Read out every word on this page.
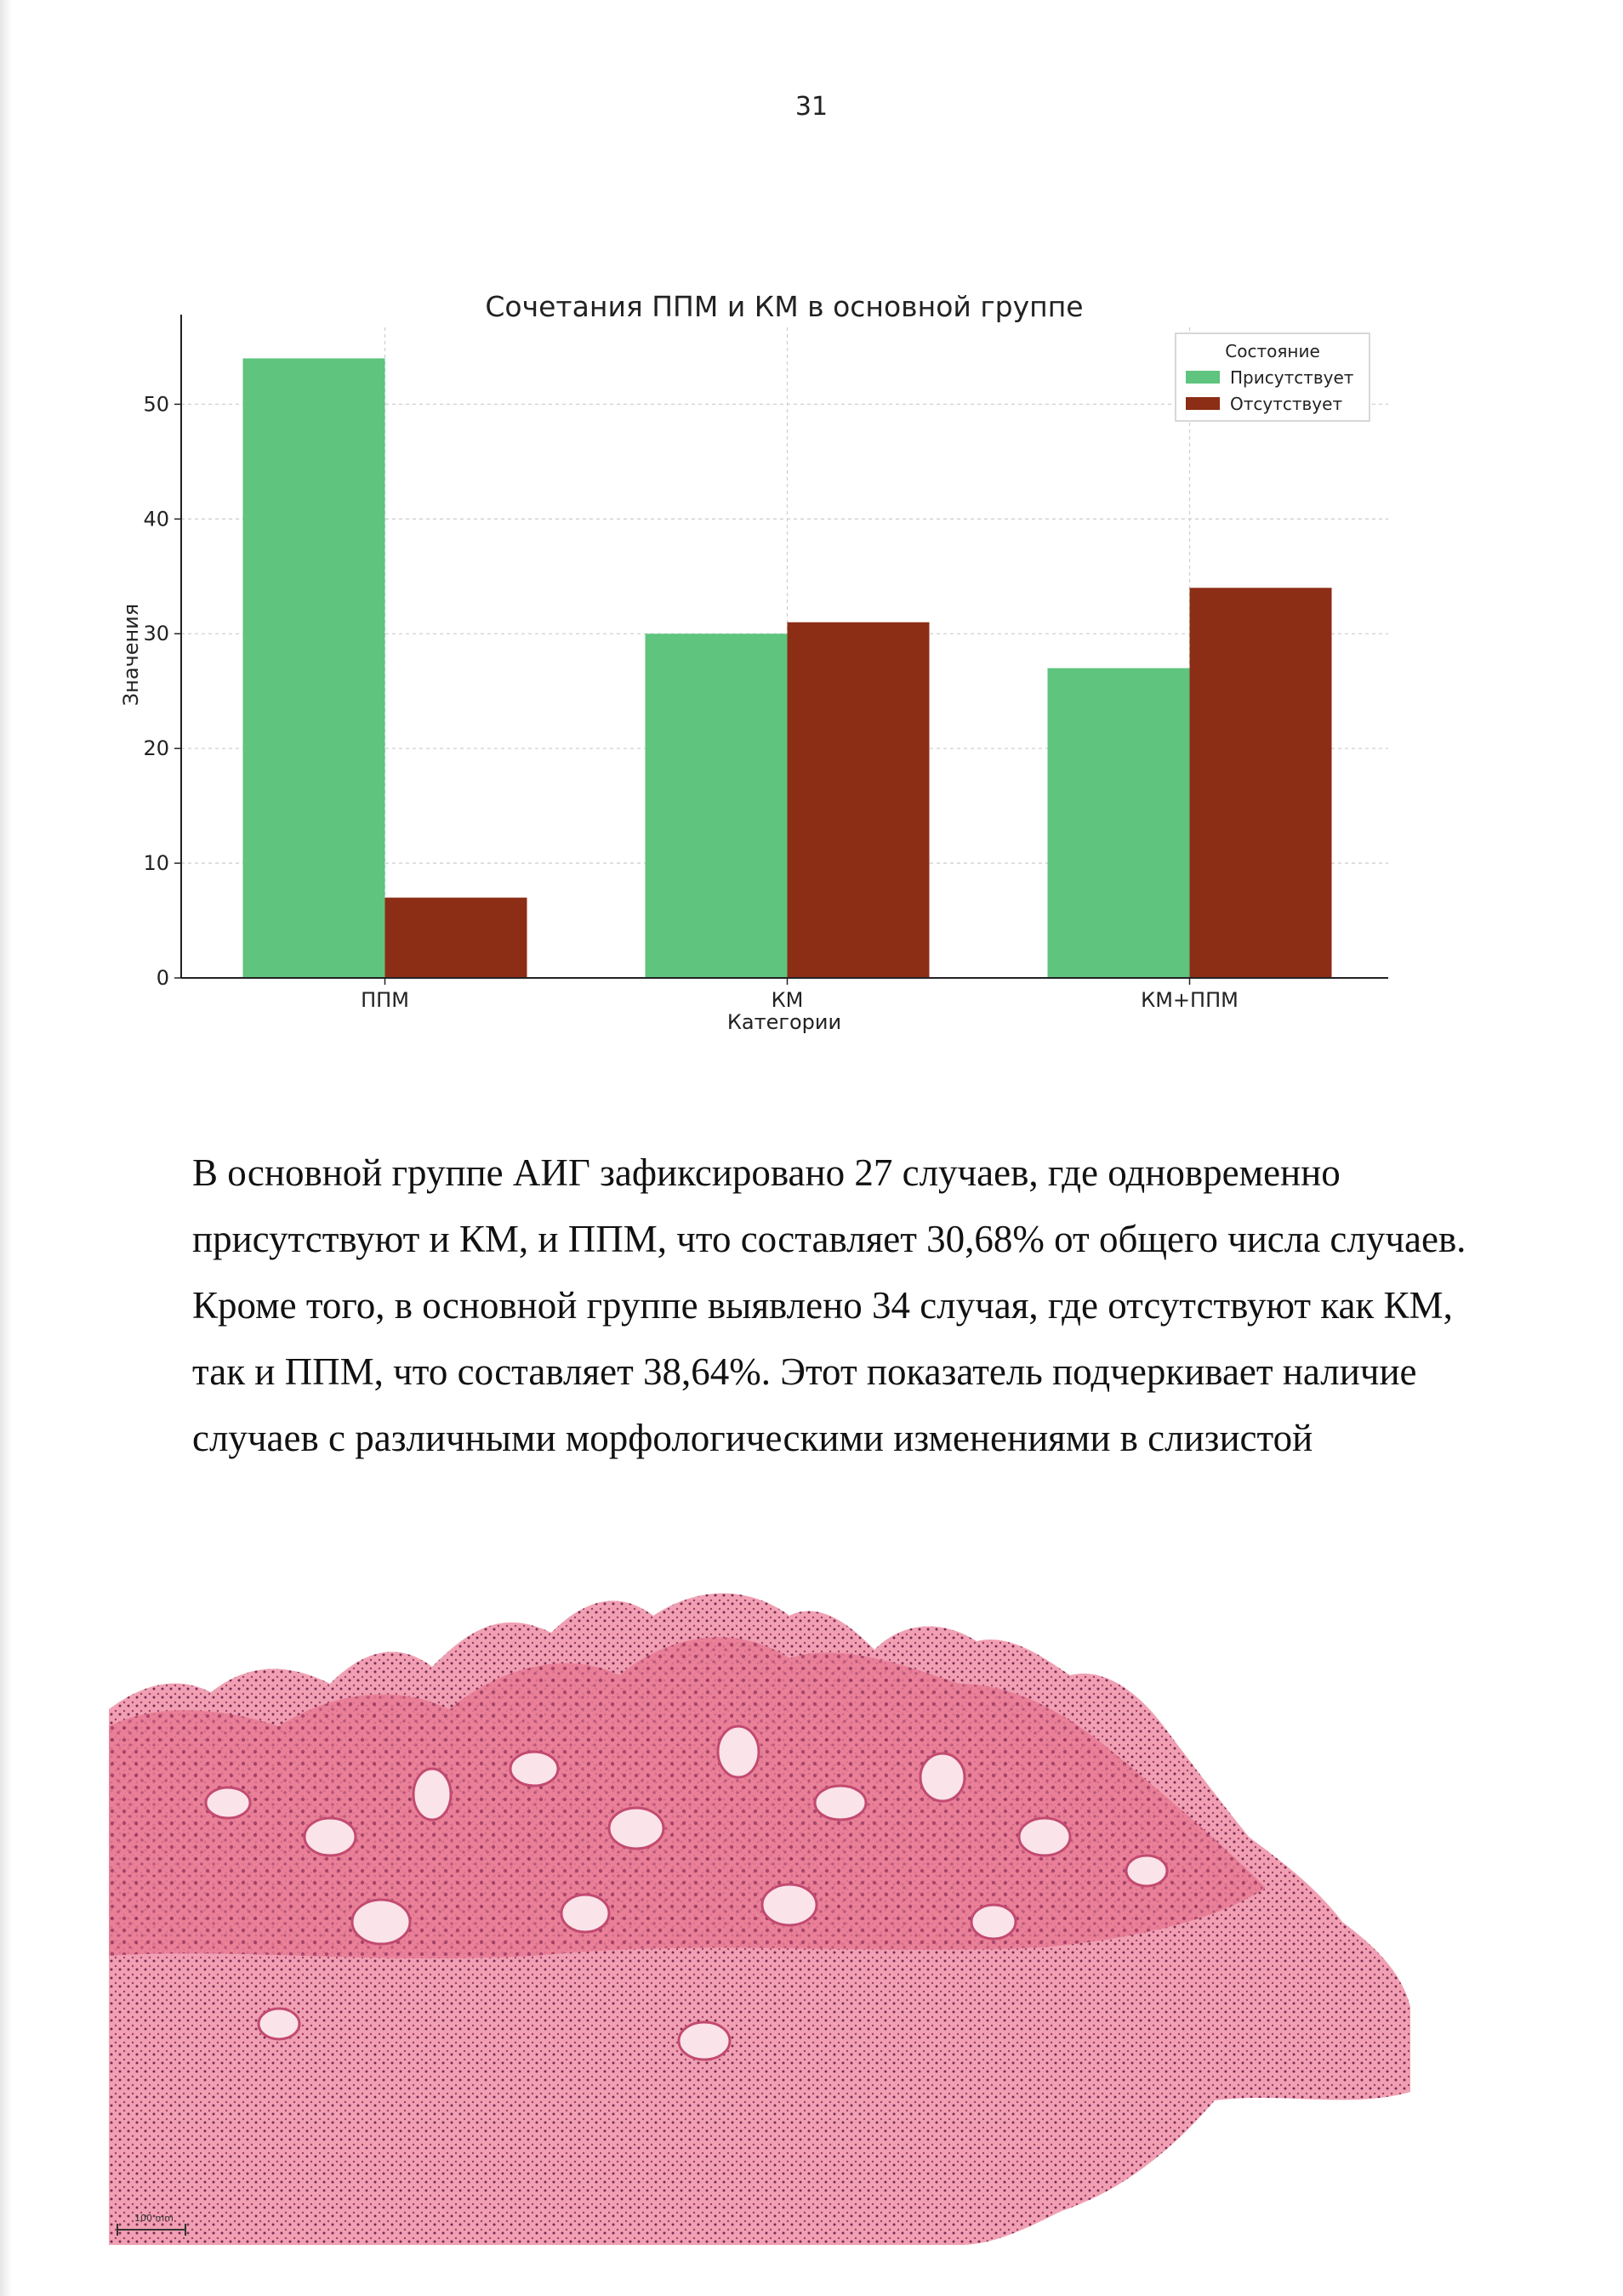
31
0
10
20
30
40
50
ППМ	КМ	КМ+ППМ
Сочетания ППМ и КМ в основной группе
Категории
Значения
Состояние
Присутствует
Отсутствует
В основной группе АИГ зафиксировано 27 случаев, где одновременно
присутствуют и КМ, и ППМ, что составляет 30,68% от общего числа случаев.
Кроме того, в основной группе выявлено 34 случая, где отсутствуют как КМ,
так и ППМ, что составляет 38,64%. Этот показатель подчеркивает наличие
случаев с различными морфологическими изменениями в слизистой
100 mm
